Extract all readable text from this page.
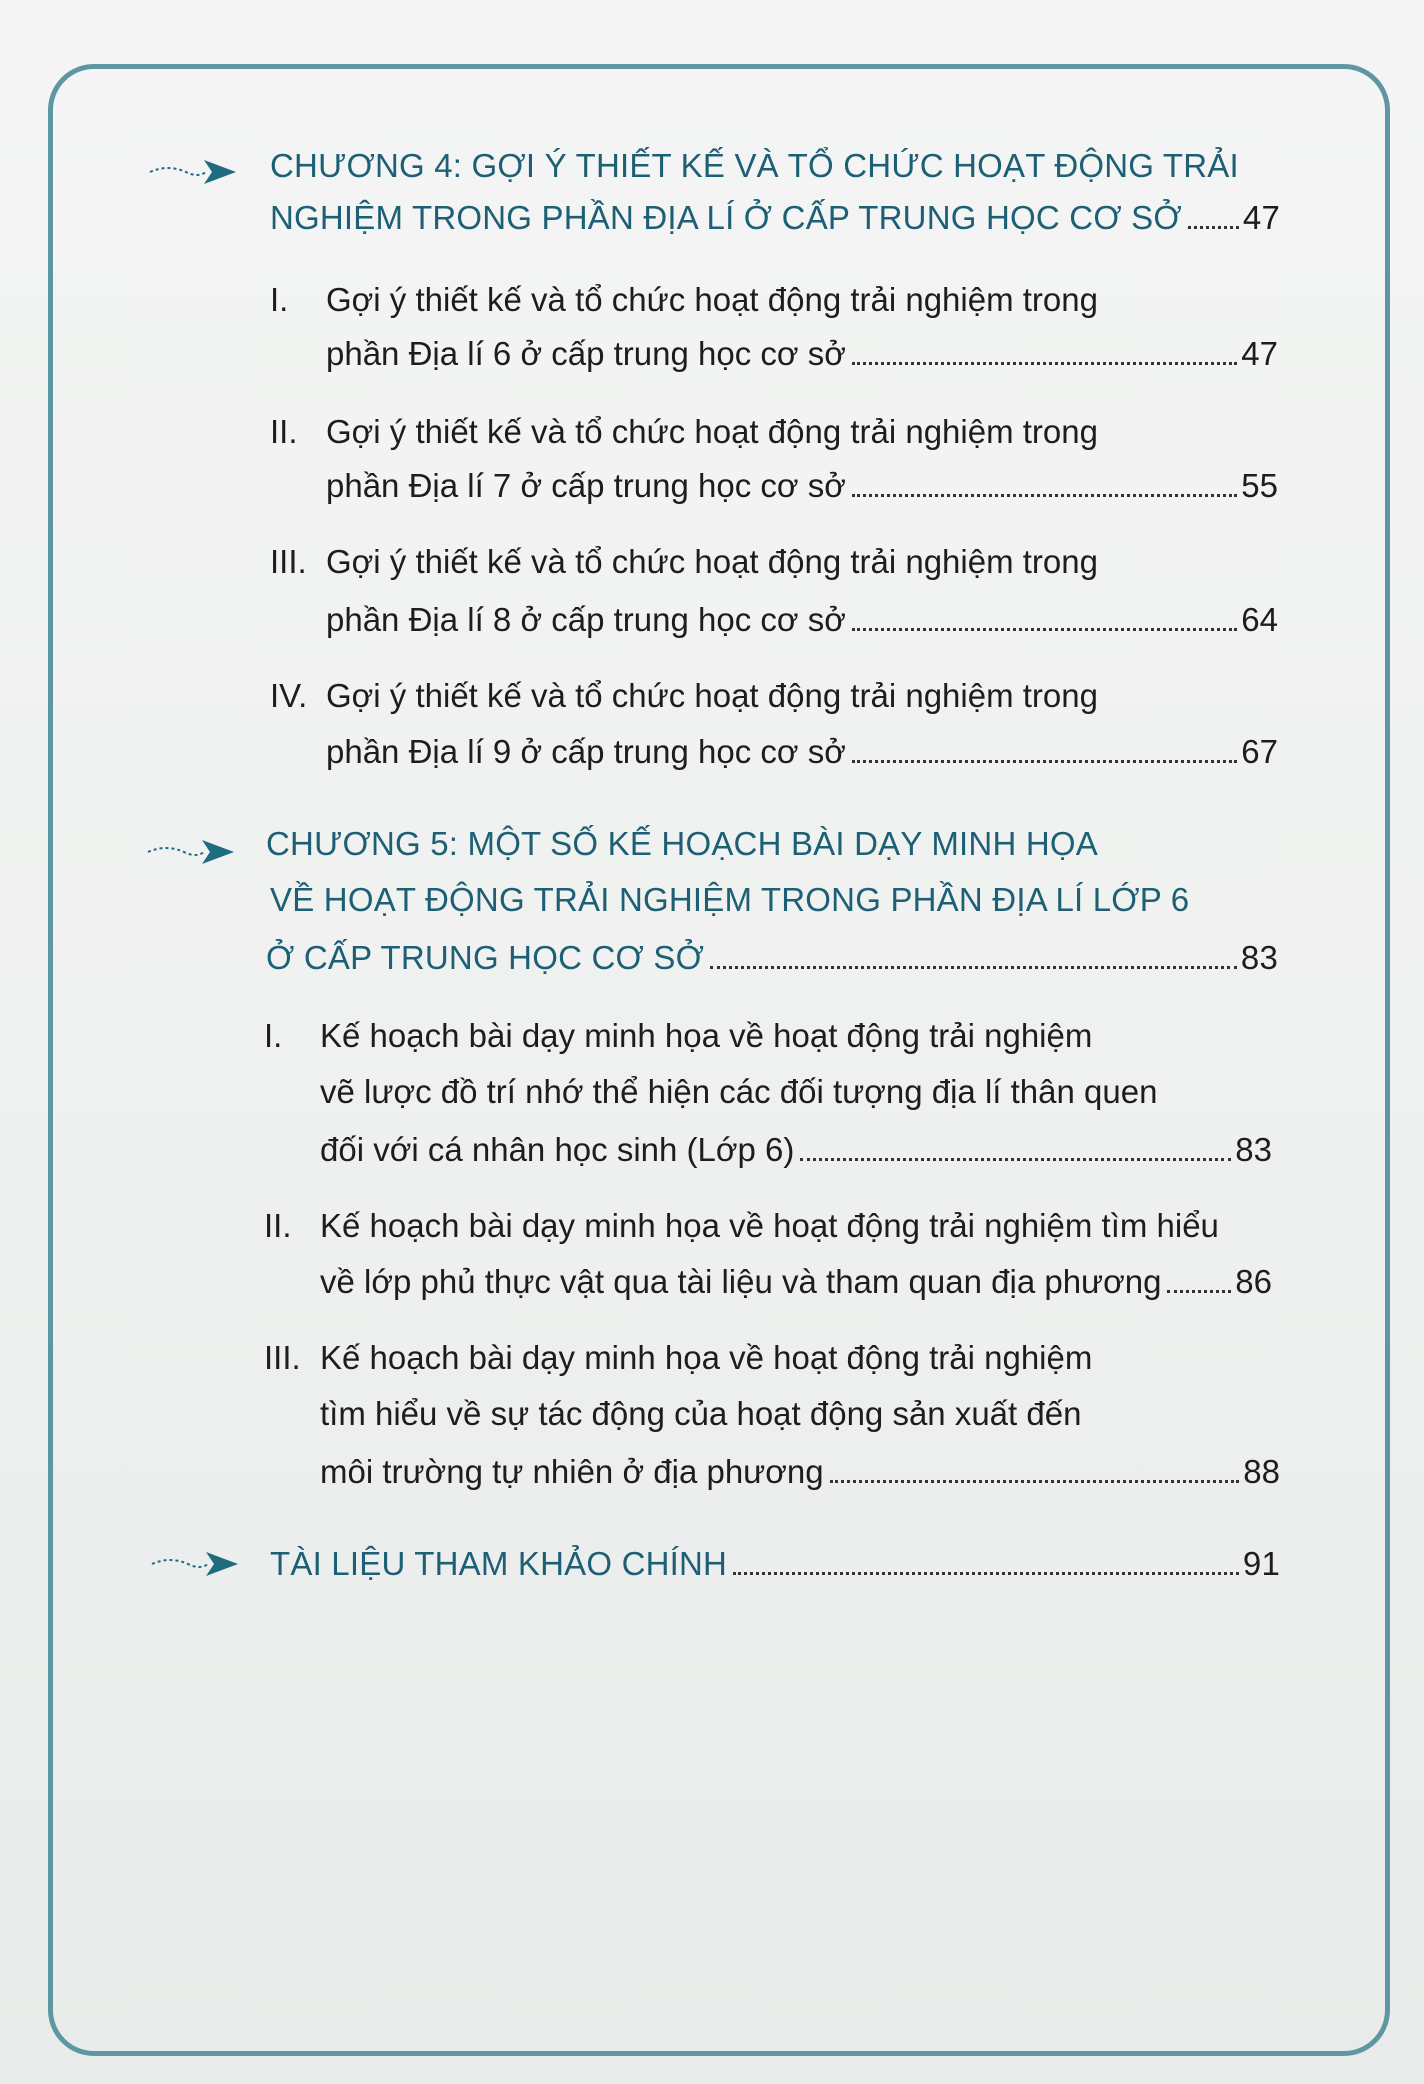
CHƯƠNG 4: GỢI Ý THIẾT KẾ VÀ TỔ CHỨC HOẠT ĐỘNG TRẢI
NGHIỆM TRONG PHẦN ĐỊA LÍ Ở CẤP TRUNG HỌC CƠ SỞ 47
I. Gợi ý thiết kế và tổ chức hoạt động trải nghiệm trong
phần Địa lí 6 ở cấp trung học cơ sở	47
II. Gợi ý thiết kế và tổ chức hoạt động trải nghiệm trong
phần Địa lí 7 ở cấp trung học cơ sở	55
III. Gợi ý thiết kế và tổ chức hoạt động trải nghiệm trong
phần Địa lí 8 ở cấp trung học cơ sở	64
IV. Gợi ý thiết kế và tổ chức hoạt động trải nghiệm trong
phần Địa lí 9 ở cấp trung học cơ sở	67
CHƯƠNG 5: MỘT SỐ KẾ HOẠCH BÀI DẠY MINH HỌA
VỀ HOẠT ĐỘNG TRẢI NGHIỆM TRONG PHẦN ĐỊA LÍ LỚP 6
Ở CẤP TRUNG HỌC CƠ SỞ	83
I. Kế hoạch bài dạy minh họa về hoạt động trải nghiệm
vẽ lược đồ trí nhớ thể hiện các đối tượng địa lí thân quen
đối với cá nhân học sinh (Lớp 6)	83
II. Kế hoạch bài dạy minh họa về hoạt động trải nghiệm tìm hiểu
về lớp phủ thực vật qua tài liệu và tham quan địa phương 86
III. Kế hoạch bài dạy minh họa về hoạt động trải nghiệm
tìm hiểu về sự tác động của hoạt động sản xuất đến
môi trường tự nhiên ở địa phương	88
TÀI LIỆU THAM KHẢO CHÍNH	91
